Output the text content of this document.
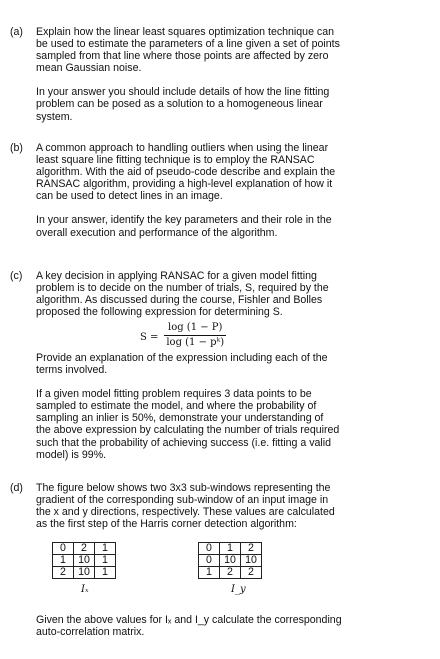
(a) Explain how the linear least squares optimization technique can
be used to estimate the parameters of a line given a set of points
sampled from that line where those points are affected by zero
mean Gaussian noise.

In your answer you should include details of how the line fitting
problem can be posed as a solution to a homogeneous linear
system.

(b) A common approach to handling outliers when using the linear
least square line fitting technique is to employ the RANSAC
algorithm. With the aid of pseudo-code describe and explain the
RANSAC algorithm, providing a high-level explanation of how it
can be used to detect lines in an image.

In your answer, identify the key parameters and their role in the
overall execution and performance of the algorithm.

(c) A key decision in applying RANSAC for a given model fitting
problem is to decide on the number of trials, S, required by the
algorithm. As discussed during the course, Fishler and Bolles
proposed the following expression for determining S.

$S = \frac{\log (1 - P)}{\text{log (1 − pᵏ)}}$

Provide an explanation of the expression including each of the
terms involved.

If a given model fitting problem requires 3 data points to be
sampled to estimate the model, and where the probability of
sampling an inlier is 50%, demonstrate your understanding of
the above expression by calculating the number of trials required
such that the probability of achieving success (i.e. fitting a valid
model) is 99%.

(d) The figure below shows two 3x3 sub-windows representing the
gradient of the corresponding sub-window of an input image in
the x and y directions, respectively. These values are calculated
as the first step of the Harris corner detection algorithm:

0	2	1
1	10	1
2	10	1
Iₓ
0	1	2
0	10	10
1	2	2
I_y

Given the above values for Iₓ and I_y calculate the corresponding
auto-correlation matrix.
